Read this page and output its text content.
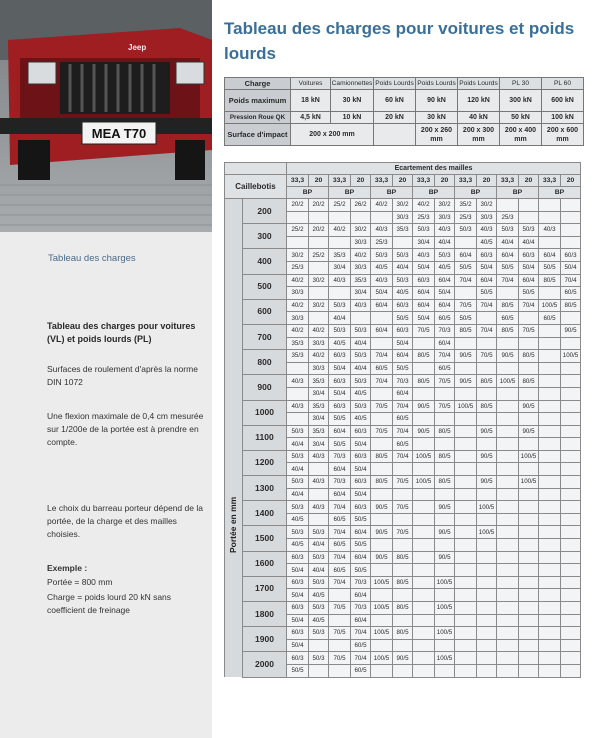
MEA T70
Jeep
Tableau des charges
Tableau des charges pour voitures (VL) et poids lourds (PL)
Surfaces de roulement d'après la norme DIN 1072
Une flexion maximale de 0,4 cm mesurée sur 1/200e de la portée est à prendre en compte.
Le choix du barreau porteur dépend de la portée, de la charge et des mailles choisies.
Exemple :
Portée = 800 mm
Charge = poids lourd 20 kN sans coefficient de freinage
Tableau des charges pour voitures et poids lourds
Charge	Voitures	Camionnettes	Poids Lourds	Poids Lourds	Poids Lourds	PL 30	PL 60
Poids maximum	18 kN	30 kN	60 kN	90 kN	120 kN	300 kN	600 kN
Pression Roue QK	4,5 kN	10 kN	20 kN	30 kN	40 kN	50 kN	100 kN
Surface d'impact	200 x 200 mm			200 x 260 mm	200 x 300 mm	200 x 400 mm	200 x 600 mm
		Ecartement des mailles													
Caillebotis		33,3	20	33,3	20	33,3	20	33,3	20	33,3	20	33,3	20	33,3	20
		BP		BP		BP		BP		BP		BP		BP	
	200	20/2	20/2	25/2	26/2	40/2	30/2	40/2	30/2	35/2	30/2				
							30/3	25/3	30/3	25/3	30/3	25/3			
	300	25/2	20/2	40/2	30/2	40/3	35/3	50/3	40/3	50/3	40/3	50/3	50/3	40/3	
					30/3	25/3		30/4	40/4		40/5	40/4	40/4		
	400	30/2	25/2	35/3	40/2	50/3	50/3	40/3	50/3	60/4	60/3	60/4	60/3	60/4	60/3
		25/3		30/4	30/3	40/5	40/4	50/4	40/5	50/5	50/4	50/5	50/4	50/5	50/4
	500	40/2	30/2	40/3	35/3	40/3	50/3	60/3	60/4	70/4	60/4	70/4	60/4	80/5	70/4
		30/3			30/4	50/4	40/5	60/4	50/4		50/5		50/5		60/5
	600	40/2	30/2	50/3	40/3	60/4	60/3	60/4	60/4	70/5	70/4	80/5	70/4	100/5	80/5
		30/3		40/4			50/5	50/4	60/5	50/5		60/5		60/5	
	700	40/2	40/2	50/3	50/3	60/4	60/3	70/5	70/3	80/5	70/4	80/5	70/5		90/5
		35/3	30/3	40/5	40/4		50/4		60/4						
	800	35/3	40/2	60/3	50/3	70/4	60/4	80/5	70/4	90/5	70/5	90/5	80/5		100/5
			30/3	50/4	40/4	60/5	50/5		60/5						
	900	40/3	35/3	60/3	50/3	70/4	70/3	80/5	70/5	90/5	80/5	100/5	80/5		
			30/4	50/4	40/5		60/4								
	1000	40/3	35/3	60/3	50/3	70/5	70/4	90/5	70/5	100/5	80/5		90/5		
			30/4	50/5	40/5		60/5								
	1100	50/3	35/3	60/4	60/3	70/5	70/4	90/5	80/5		90/5		90/5		
		40/4	30/4	50/5	50/4		60/5								
	1200	50/3	40/3	70/3	60/3	80/5	70/4	100/5	80/5		90/5		100/5		
		40/4		60/4	50/4										
	1300	50/3	40/3	70/3	60/3	80/5	70/5	100/5	80/5		90/5		100/5		
		40/4		60/4	50/4										
	1400	50/3	40/3	70/4	60/3	90/5	70/5		90/5		100/5				
		40/5		60/5	50/5										
	1500	50/3	50/3	70/4	60/4	90/5	70/5		90/5		100/5				
		40/5	40/4	60/5	50/5										
	1600	60/3	50/3	70/4	60/4	90/5	80/5		90/5						
		50/4	40/4	60/5	50/5										
	1700	60/3	50/3	70/4	70/3	100/5	80/5		100/5						
		50/4	40/5		60/4										
	1800	60/3	50/3	70/5	70/3	100/5	80/5		100/5						
		50/4	40/5		60/4										
	1900	60/3	50/3	70/5	70/4	100/5	80/5		100/5						
		50/4			60/5										
	2000	60/3	50/3	70/5	70/4	100/5	90/5		100/5						
		50/5			60/5										
Portée en mm
